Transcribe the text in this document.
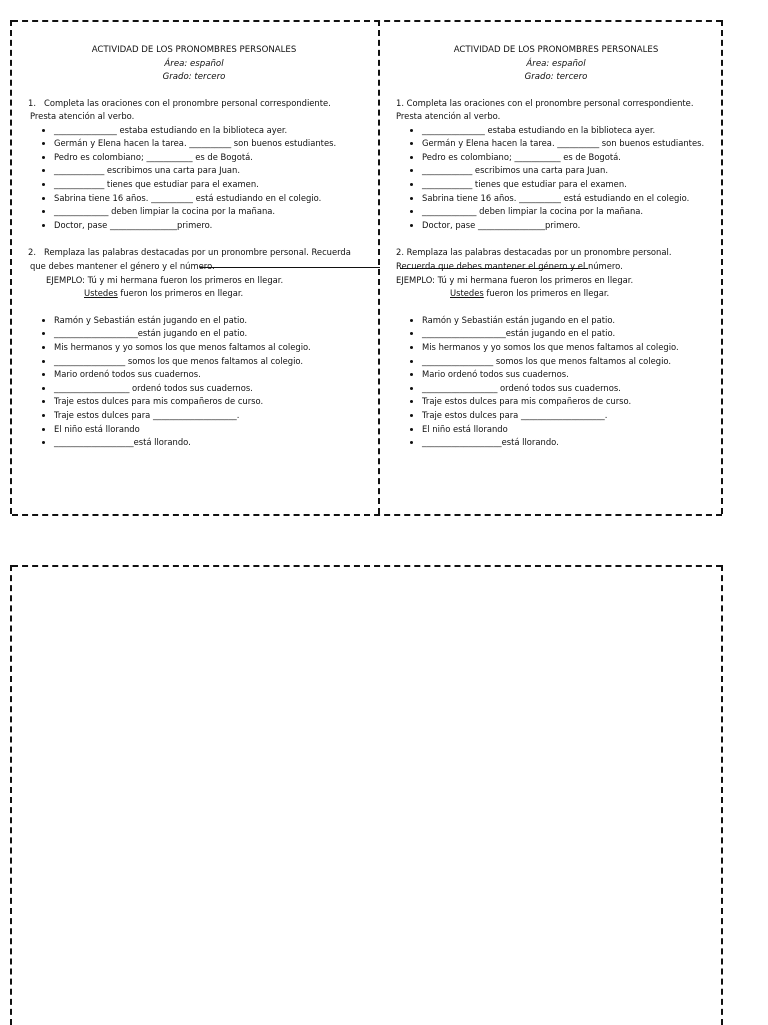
ACTIVIDAD DE LOS PRONOMBRES PERSONALES
Área: español
Grado: tercero
1. Completa las oraciones con el pronombre personal correspondiente.
Presta atención al verbo.
• _______________ estaba estudiando en la biblioteca ayer.
• Germán y Elena hacen la tarea. __________ son buenos estudiantes.
• Pedro es colombiano; ___________ es de Bogotá.
• ____________ escribimos una carta para Juan.
• ____________ tienes que estudiar para el examen.
• Sabrina tiene 16 años. __________ está estudiando en el colegio.
• _____________ deben limpiar la cocina por la mañana.
• Doctor, pase ________________primero.
2. Remplaza las palabras destacadas por un pronombre personal. Recuerda
que debes mantener el género y el número.
EJEMPLO: Tú y mi hermana fueron los primeros en llegar.
Ustedes fueron los primeros en llegar.
• Ramón y Sebastián están jugando en el patio.
• ____________________están jugando en el patio.
• Mis hermanos y yo somos los que menos faltamos al colegio.
• _________________ somos los que menos faltamos al colegio.
• Mario ordenó todos sus cuadernos.
• __________________ ordenó todos sus cuadernos.
• Traje estos dulces para mis compañeros de curso.
• Traje estos dulces para ____________________.
• El niño está llorando
• ___________________está llorando.
ACTIVIDAD DE LOS PRONOMBRES PERSONALES
Área: español
Grado: tercero
1. Completa las oraciones con el pronombre personal correspondiente.
Presta atención al verbo.
• _______________ estaba estudiando en la biblioteca ayer.
• Germán y Elena hacen la tarea. __________ son buenos estudiantes.
• Pedro es colombiano; ___________ es de Bogotá.
• ____________ escribimos una carta para Juan.
• ____________ tienes que estudiar para el examen.
• Sabrina tiene 16 años. __________ está estudiando en el colegio.
• _____________ deben limpiar la cocina por la mañana.
• Doctor, pase ________________primero.
2. Remplaza las palabras destacadas por un pronombre personal.
Recuerda que debes mantener el género y el número.
EJEMPLO: Tú y mi hermana fueron los primeros en llegar.
Ustedes fueron los primeros en llegar.
• Ramón y Sebastián están jugando en el patio.
• ____________________están jugando en el patio.
• Mis hermanos y yo somos los que menos faltamos al colegio.
• _________________ somos los que menos faltamos al colegio.
• Mario ordenó todos sus cuadernos.
• __________________ ordenó todos sus cuadernos.
• Traje estos dulces para mis compañeros de curso.
• Traje estos dulces para ____________________.
• El niño está llorando
• ___________________está llorando.
